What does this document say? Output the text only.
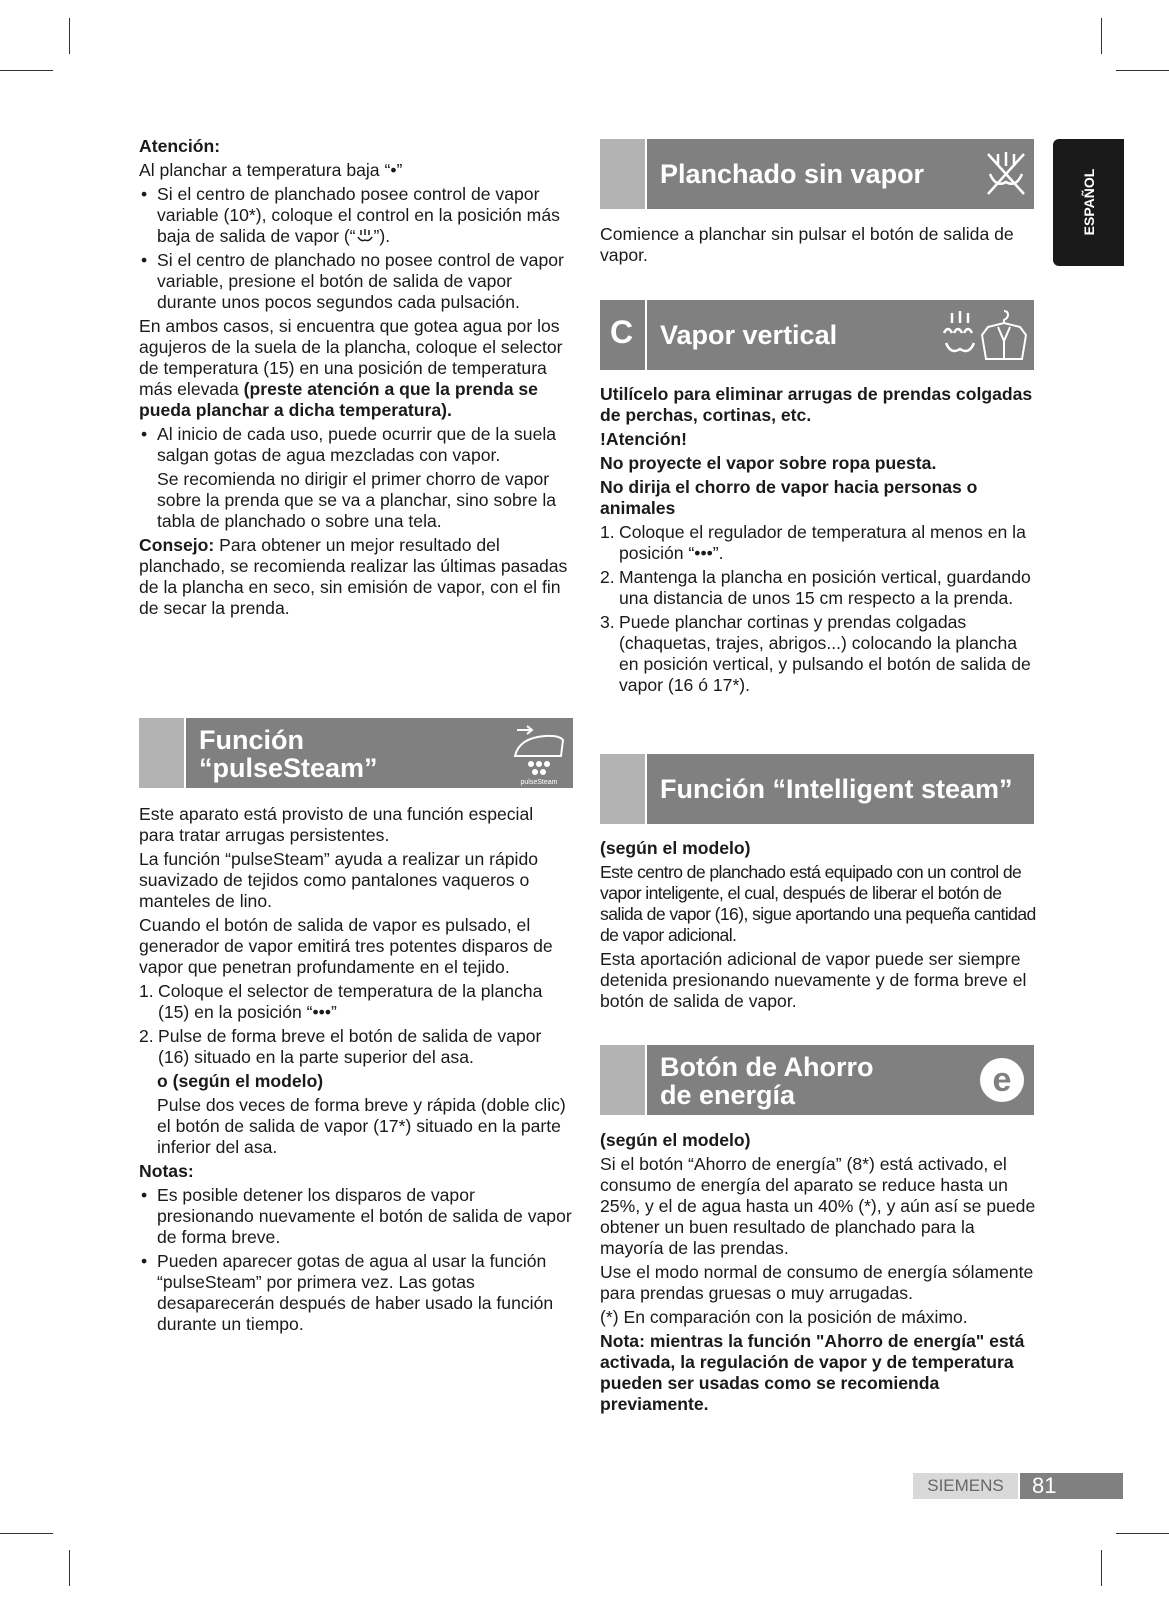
Atención:

Al planchar a temperatura baja “•”

• Si el centro de planchado posee control de vapor variable (10*), coloque el control en la posición más baja de salida de vapor (“ ”).
• Si el centro de planchado no posee control de vapor variable, presione el botón de salida de vapor durante unos pocos segundos cada pulsación.

En ambos casos, si encuentra que gotea agua por los agujeros de la suela de la plancha, coloque el selector de temperatura (15) en una posición de temperatura más elevada (preste atención a que la prenda se pueda planchar a dicha temperatura).

• Al inicio de cada uso, puede ocurrir que de la suela salgan gotas de agua mezcladas con vapor.
Se recomienda no dirigir el primer chorro de vapor sobre la prenda que se va a planchar, sino sobre la tabla de planchado o sobre una tela.

Consejo: Para obtener un mejor resultado del planchado, se recomienda realizar las últimas pasadas de la plancha en seco, sin emisión de vapor, con el fin de secar la prenda.

Función
“pulseSteam”	pulseSteam

Este aparato está provisto de una función especial para tratar arrugas persistentes.

La función “pulseSteam” ayuda a realizar un rápido suavizado de tejidos como pantalones vaqueros o manteles de lino.

Cuando el botón de salida de vapor es pulsado, el generador de vapor emitirá tres potentes disparos de vapor que penetran profundamente en el tejido.

1. Coloque el selector de temperatura de la plancha (15) en la posición “•••”
2. Pulse de forma breve el botón de salida de vapor (16) situado en la parte superior del asa.
o (según el modelo)
Pulse dos veces de forma breve y rápida (doble clic) el botón de salida de vapor (17*) situado en la parte inferior del asa.

Notas:

• Es posible detener los disparos de vapor presionando nuevamente el botón de salida de vapor de forma breve.
• Pueden aparecer gotas de agua al usar la función “pulseSteam” por primera vez. Las gotas desaparecerán después de haber usado la función durante un tiempo.
Planchado sin vapor

Comience a planchar sin pulsar el botón de salida de vapor.

C Vapor vertical

Utilícelo para eliminar arrugas de prendas colgadas de perchas, cortinas, etc.

!Atención!

No proyecte el vapor sobre ropa puesta.

No dirija el chorro de vapor hacia personas o animales

1. Coloque el regulador de temperatura al menos en la posición “•••”.
2. Mantenga la plancha en posición vertical, guardando una distancia de unos 15 cm respecto a la prenda.
3. Puede planchar cortinas y prendas colgadas (chaquetas, trajes, abrigos...) colocando la plancha en posición vertical, y pulsando el botón de salida de vapor (16 ó 17*).
Función “Intelligent steam”

(según el modelo)

Este centro de planchado está equipado con un control de vapor inteligente, el cual, después de liberar el botón de salida de vapor (16), sigue aportando una pequeña cantidad de vapor adicional.

Esta aportación adicional de vapor puede ser siempre detenida presionando nuevamente y de forma breve el botón de salida de vapor.

Botón de Ahorro
de energía	e

(según el modelo)

Si el botón “Ahorro de energía” (8*) está activado, el consumo de energía del aparato se reduce hasta un 25%, y el de agua hasta un 40% (*), y aún así se puede obtener un buen resultado de planchado para la mayoría de las prendas.

Use el modo normal de consumo de energía sólamente para prendas gruesas o muy arrugadas.

(*) En comparación con la posición de máximo.

Nota: mientras la función "Ahorro de energía" está activada, la regulación de vapor y de temperatura pueden ser usadas como se recomienda previamente.

ESPAÑOL
SIEMENS	81
